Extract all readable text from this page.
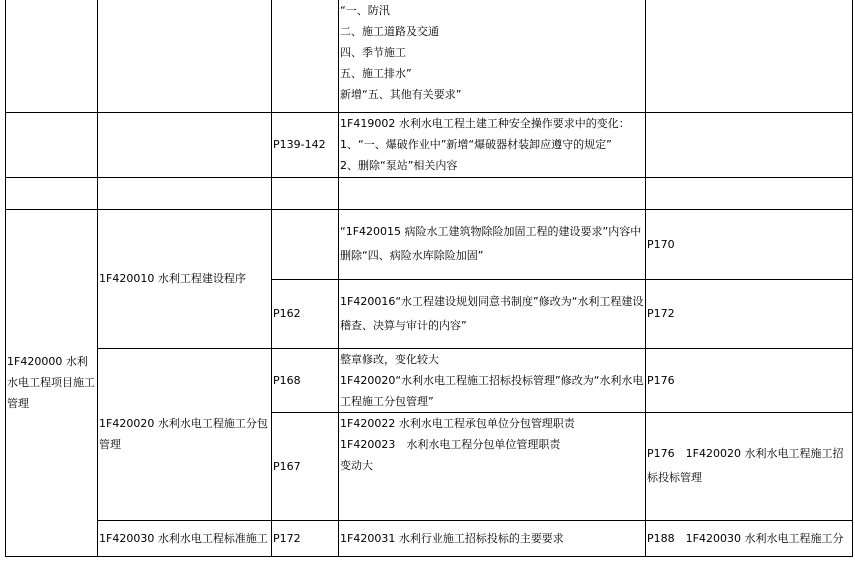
			“一、防汛
二、施工道路及交通
四、季节施工
五、施工排水”
新增“五、其他有关要求”	

		P139-142	1F419002 水利水电工程土建工种安全操作要求中的变化：
1、“一、爆破作业中”新增“爆破器材装卸应遵守的规定”
2、删除“泵站”相关内容	

1F420000 水利水电工程项目施工管理	1F420010 水利工程建设程序		“1F420015 病险水工建筑物除险加固工程的建设要求”内容中删除“四、病险水库除险加固”	P170
		P162	1F420016“水工程建设规划同意书制度”修改为“水利工程建设稽查、决算与审计的内容”	P172

	1F420020 水利水电工程施工分包管理	P168	整章修改，变化较大
1F420020“水利水电工程施工招标投标管理”修改为“水利水电工程施工分包管理”	P176
		P167	1F420022 水利水电工程承包单位分包管理职责
1F420023　水利水电工程分包单位管理职责
变动大	P176　1F420020 水利水电工程施工招标投标管理

	1F420030 水利水电工程标准施工	P172	1F420031 水利行业施工招标投标的主要要求	P188　1F420030 水利水电工程施工分
